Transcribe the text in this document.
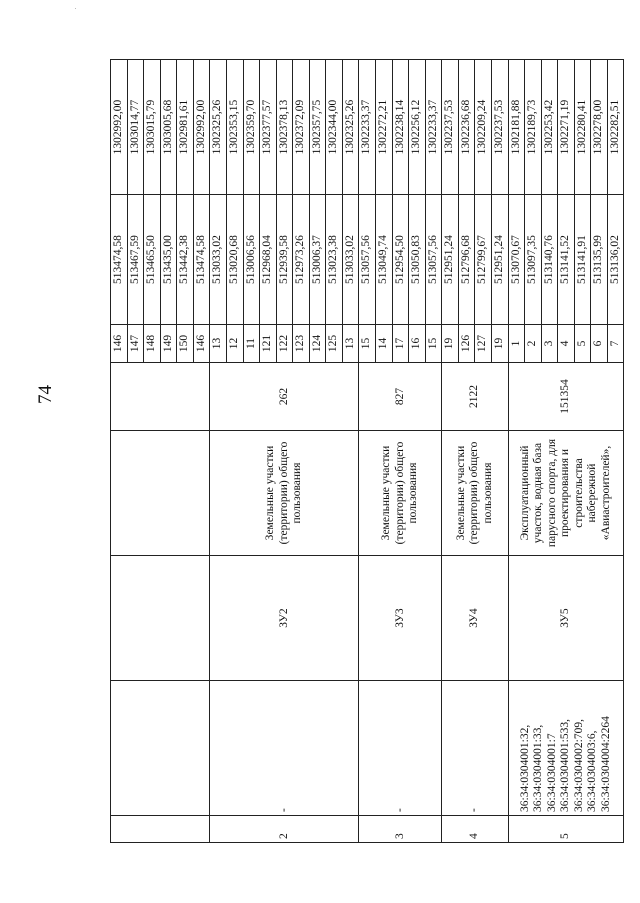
74
					146	513474,58	1302992,00
					147	513467,59	1303014,77
					148	513465,50	1303015,79
					149	513435,00	1303005,68
					150	513442,38	1302981,61
					146	513474,58	1302992,00
2	-	ЗУ2	Земельные участки (территории) общего пользования	262	13	513033,02	1302325,26
					12	513020,68	1302353,15
					11	513006,56	1302359,70
					121	512968,04	1302377,57
					122	512939,58	1302378,13
					123	512973,26	1302372,09
					124	513006,37	1302357,75
					125	513023,38	1302344,00
					13	513033,02	1302325,26
3	-	ЗУ3	Земельные участки (территории) общего пользования	827	15	513057,56	1302233,37
					14	513049,74	1302272,21
					17	512954,50	1302238,14
					16	513050,83	1302256,12
					15	513057,56	1302233,37
4	-	ЗУ4	Земельные участки (территории) общего пользования	2122	19	512951,24	1302237,53
					126	512796,68	1302236,68
					127	512799,67	1302209,24
					19	512951,24	1302237,53
5	36:34:0304001:32, 36:34:0304001:33, 36:34:0304001:7 36:34:0304001:533, 36:34:0304002:709, 36:34:0304003:6, 36:34:0304004:2264	ЗУ5	Эксплуатационный участок, водная база парусного спорта, для проектирования и строительства набережной «Авиастроителей»,	151354	1	513070,67	1302181,88
					2	513097,35	1302189,73
					3	513140,76	1302253,42
					4	513141,52	1302271,19
					5	513141,91	1302280,41
					6	513135,99	1302278,00
					7	513136,02	1302282,51
